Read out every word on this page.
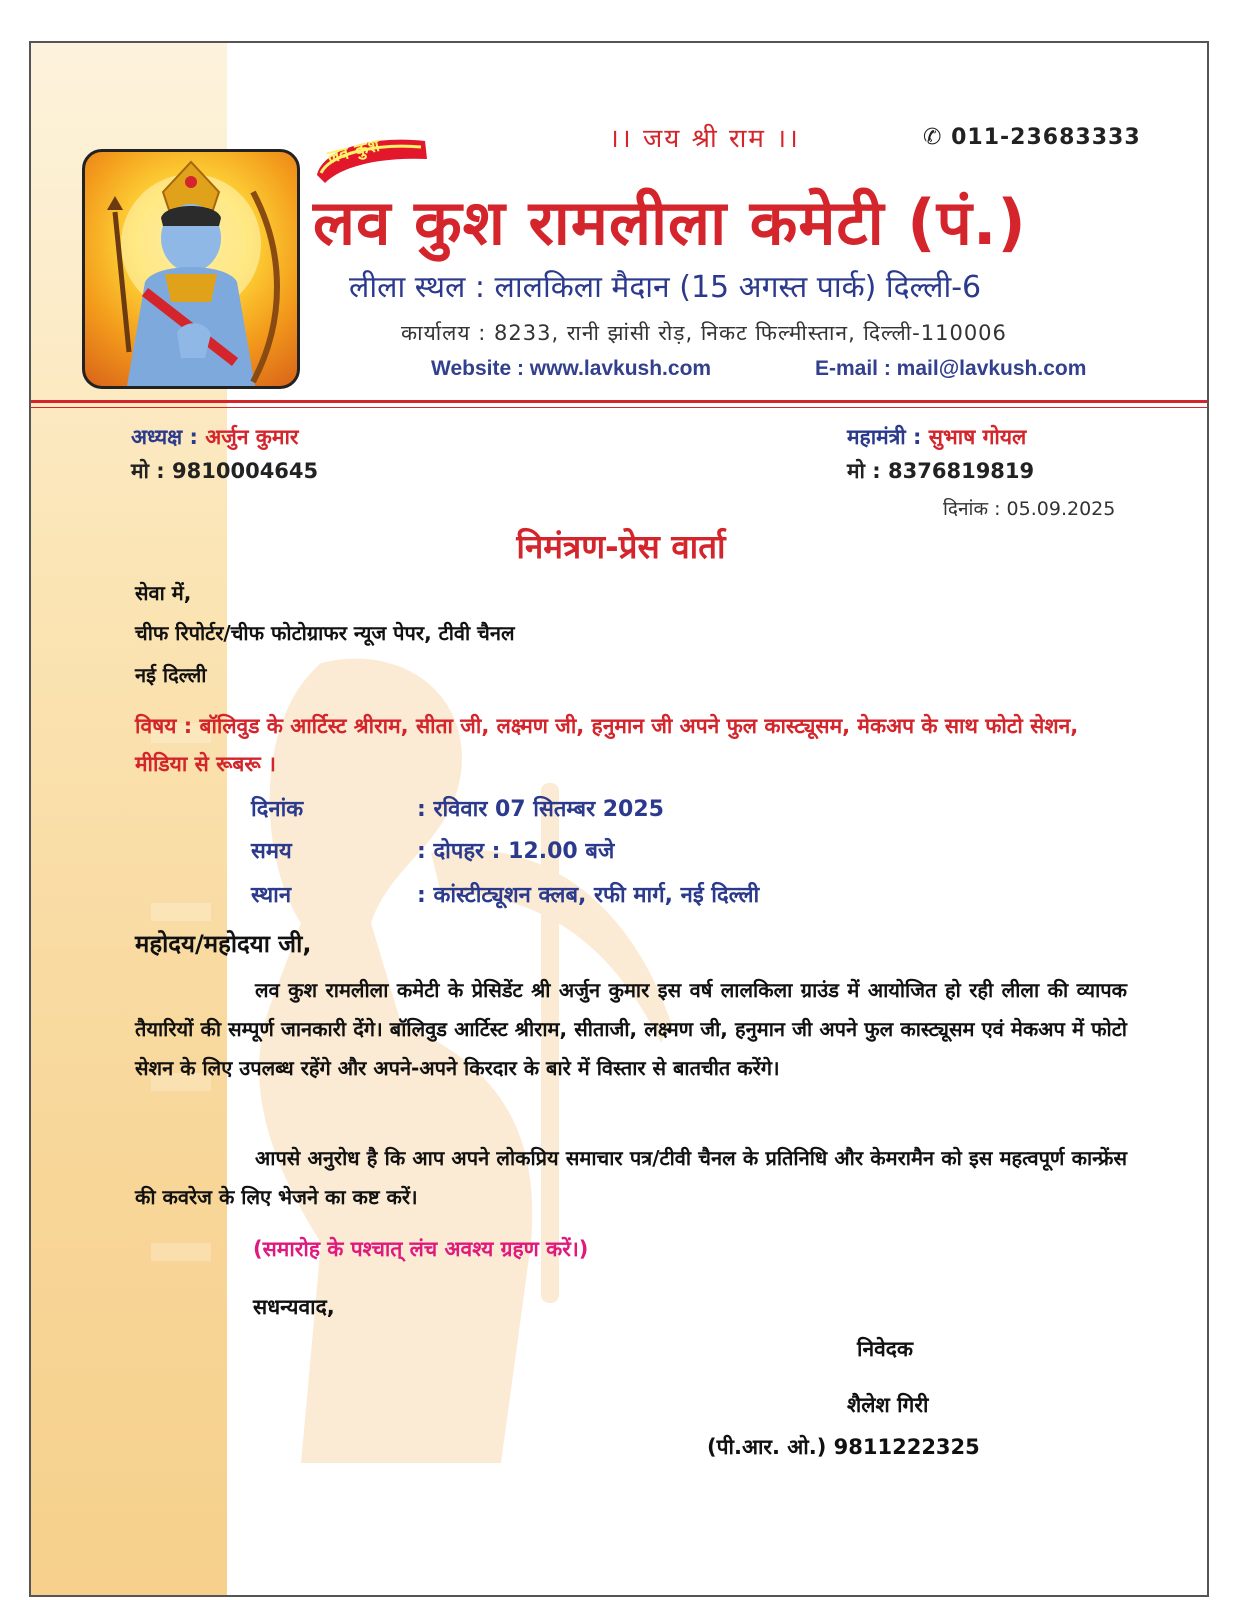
लव-कुश	।। जय श्री राम ।।	✆ 011-23683333
लव कुश रामलीला कमेटी (पं.)
लीला स्थल : लालकिला मैदान (15 अगस्त पार्क) दिल्ली-6
कार्यालय : 8233, रानी झांसी रोड़, निकट फिल्मीस्तान, दिल्ली-110006
Website : www.lavkush.com	E-mail : mail@lavkush.com
अध्यक्ष : अर्जुन कुमार
मो : 9810004645
महामंत्री : सुभाष गोयल
मो : 8376819819
दिनांक : 05.09.2025
निमंत्रण-प्रेस वार्ता
सेवा में,
चीफ रिपोर्टर/चीफ फोटोग्राफर न्यूज पेपर, टीवी चैनल
नई दिल्ली
विषय : बॉलिवुड के आर्टिस्ट श्रीराम, सीता जी, लक्ष्मण जी, हनुमान जी अपने फुल कास्ट्यूसम, मेकअप के साथ फोटो सेशन, मीडिया से रूबरू ।
दिनांक	: रविवार 07 सितम्बर 2025
समय	: दोपहर : 12.00 बजे
स्थान	: कांस्टीट्यूशन क्लब, रफी मार्ग, नई दिल्ली
महोदय/महोदया जी,
लव कुश रामलीला कमेटी के प्रेसिडेंट श्री अर्जुन कुमार इस वर्ष लालकिला ग्राउंड में आयोजित हो रही लीला की व्यापक तैयारियों की सम्पूर्ण जानकारी देंगे। बॉलिवुड आर्टिस्ट श्रीराम, सीताजी, लक्ष्मण जी, हनुमान जी अपने फुल कास्ट्यूसम एवं मेकअप में फोटो सेशन के लिए उपलब्ध रहेंगे और अपने-अपने किरदार के बारे में विस्तार से बातचीत करेंगे।
आपसे अनुरोध है कि आप अपने लोकप्रिय समाचार पत्र/टीवी चैनल के प्रतिनिधि और केमरामैन को इस महत्वपूर्ण कान्फ्रेंस की कवरेज के लिए भेजने का कष्ट करें।
(समारोह के पश्चात् लंच अवश्य ग्रहण करें।)
सधन्यवाद,
निवेदक
शैलेश गिरी
(पी.आर. ओ.) 9811222325
